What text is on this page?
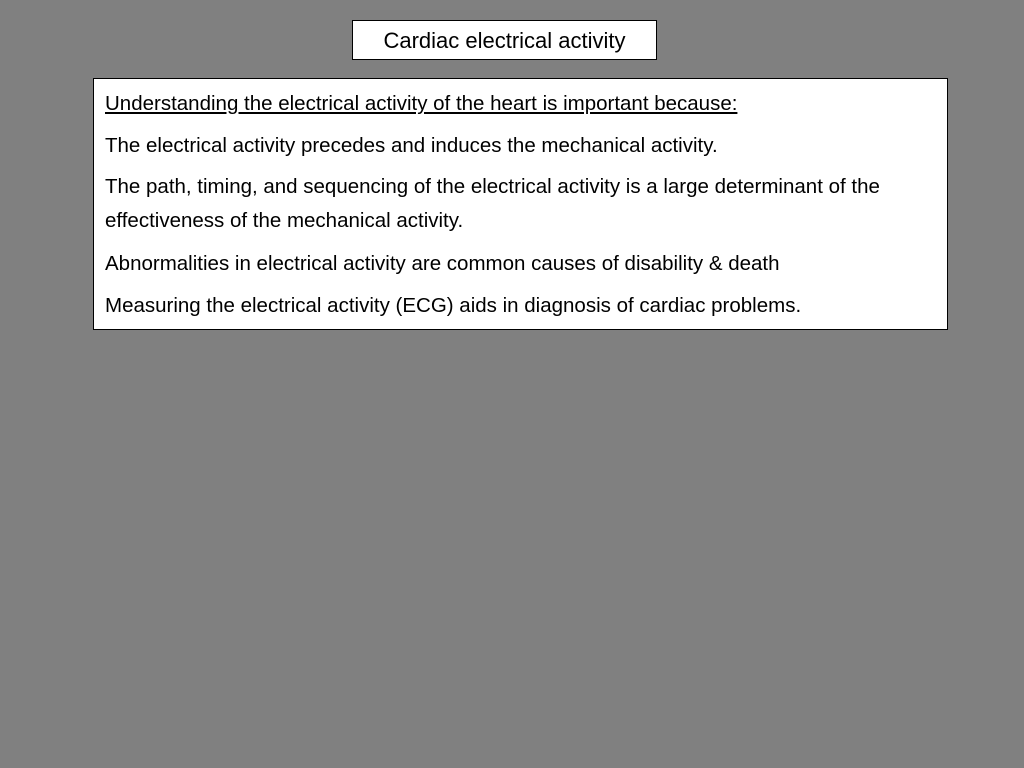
Cardiac electrical activity

Understanding the electrical activity of the heart is important because:

The electrical activity precedes and induces the mechanical activity.

The path, timing, and sequencing of the electrical activity is a large determinant of the effectiveness of the mechanical activity.

Abnormalities in electrical activity are common causes of disability & death

Measuring the electrical activity (ECG) aids in diagnosis of cardiac problems.
